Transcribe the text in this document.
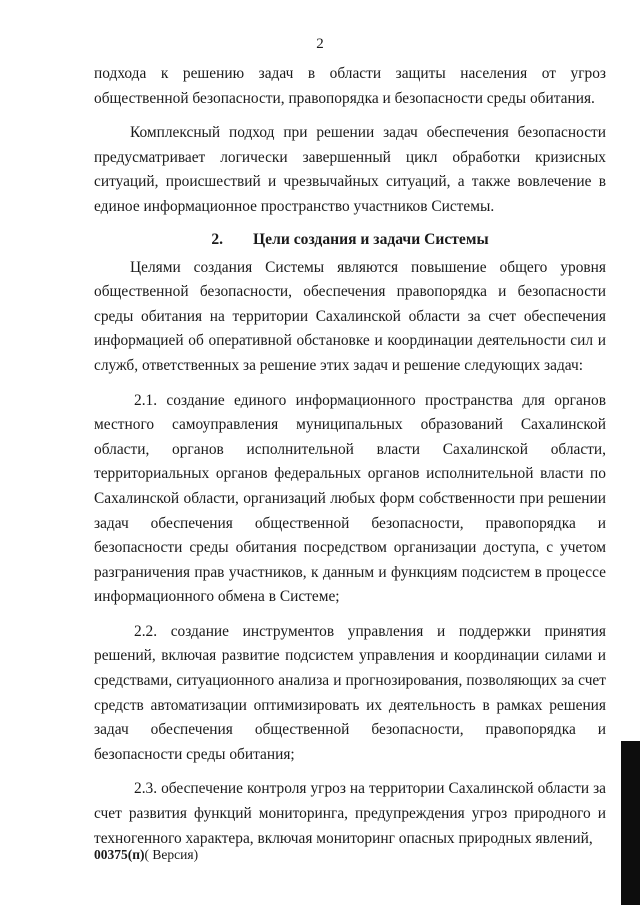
2

подхода к решению задач в области защиты населения от угроз общественной безопасности, правопорядка и безопасности среды обитания.

Комплексный подход при решении задач обеспечения безопасности предусматривает логически завершенный цикл обработки кризисных ситуаций, происшествий и чрезвычайных ситуаций, а также вовлечение в единое информационное пространство участников Системы.

2. Цели создания и задачи Системы

Целями создания Системы являются повышение общего уровня общественной безопасности, обеспечения правопорядка и безопасности среды обитания на территории Сахалинской области за счет обеспечения информацией об оперативной обстановке и координации деятельности сил и служб, ответственных за решение этих задач и решение следующих задач:

2.1. создание единого информационного пространства для органов местного самоуправления муниципальных образований Сахалинской области, органов исполнительной власти Сахалинской области, территориальных органов федеральных органов исполнительной власти по Сахалинской области, организаций любых форм собственности при решении задач обеспечения общественной безопасности, правопорядка и безопасности среды обитания посредством организации доступа, с учетом разграничения прав участников, к данным и функциям подсистем в процессе информационного обмена в Системе;

2.2. создание инструментов управления и поддержки принятия решений, включая развитие подсистем управления и координации силами и средствами, ситуационного анализа и прогнозирования, позволяющих за счет средств автоматизации оптимизировать их деятельность в рамках решения задач обеспечения общественной безопасности, правопорядка и безопасности среды обитания;

2.3. обеспечение контроля угроз на территории Сахалинской области за счет развития функций мониторинга, предупреждения угроз природного и техногенного характера, включая мониторинг опасных природных явлений,

00375(п)( Версия)
